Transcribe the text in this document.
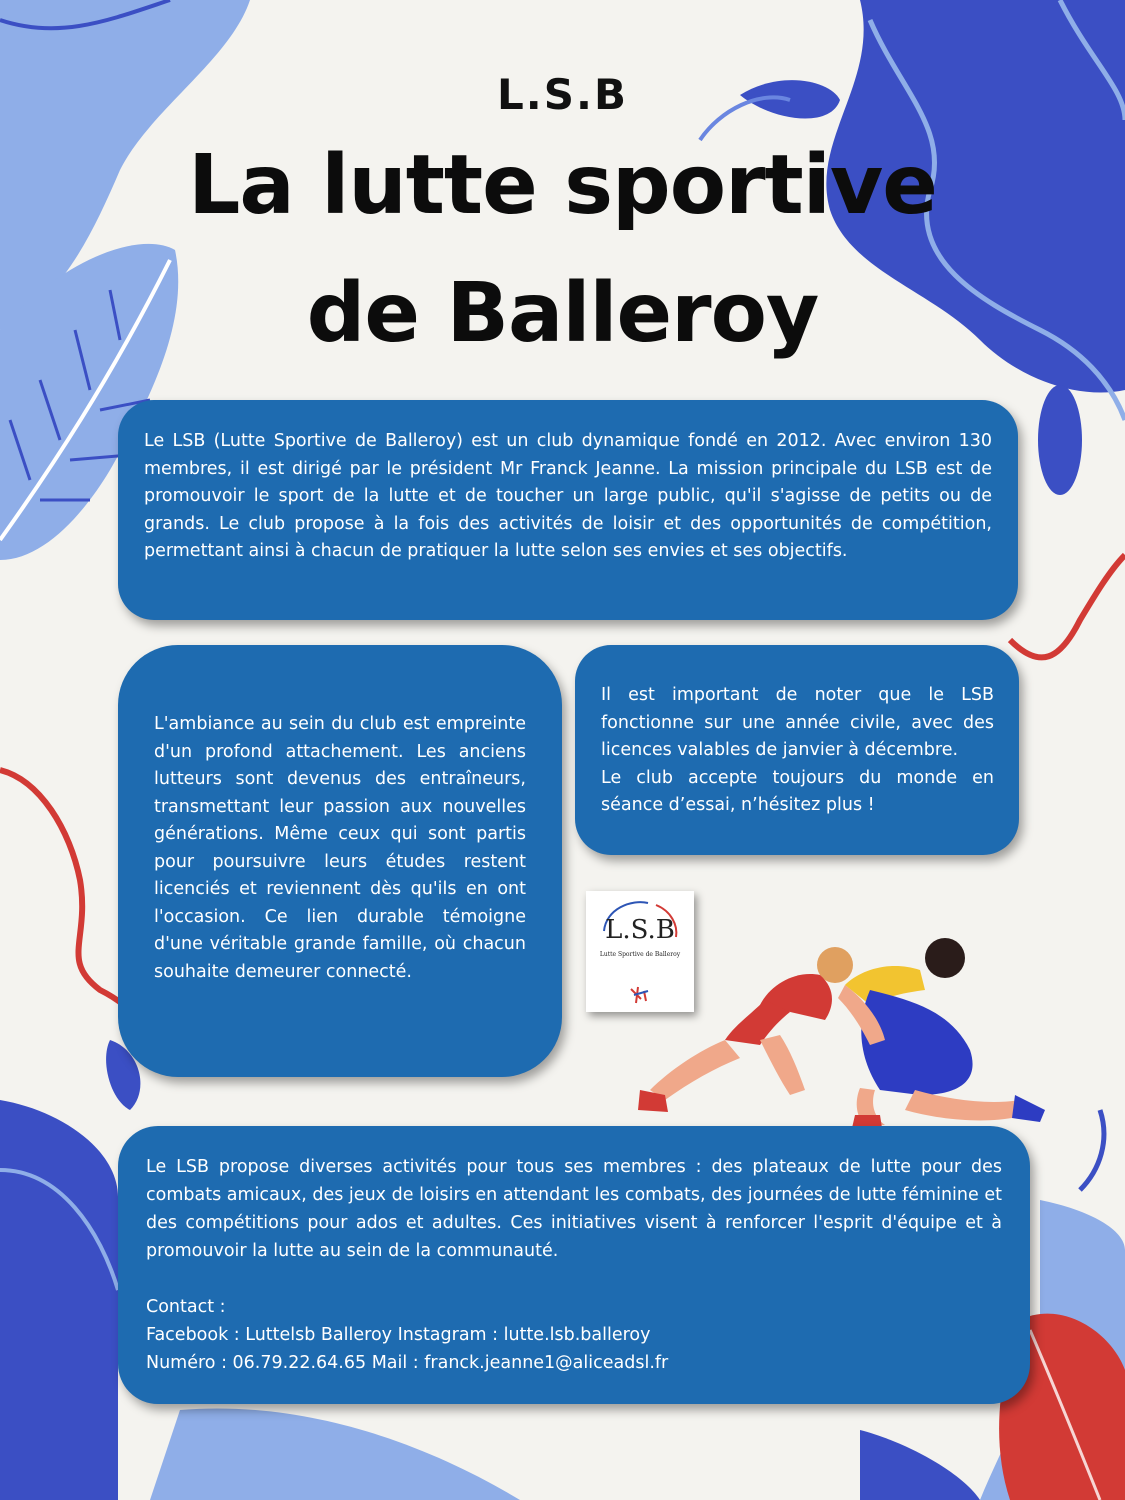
L.S.B
La lutte sportive de Balleroy

Le LSB (Lutte Sportive de Balleroy) est un club dynamique fondé en 2012. Avec environ 130 membres, il est dirigé par le président Mr Franck Jeanne. La mission principale du LSB est de promouvoir le sport de la lutte et de toucher un large public, qu'il s'agisse de petits ou de grands. Le club propose à la fois des activités de loisir et des opportunités de compétition, permettant ainsi à chacun de pratiquer la lutte selon ses envies et ses objectifs.

L'ambiance au sein du club est empreinte d'un profond attachement. Les anciens lutteurs sont devenus des entraîneurs, transmettant leur passion aux nouvelles générations. Même ceux qui sont partis pour poursuivre leurs études restent licenciés et reviennent dès qu'ils en ont l'occasion. Ce lien durable témoigne d'une véritable grande famille, où chacun souhaite demeurer connecté.

Il est important de noter que le LSB fonctionne sur une année civile, avec des licences valables de janvier à décembre.

Le club accepte toujours du monde en séance d’essai, n’hésitez plus !

L.S.B
Lutte Sportive de Balleroy

Le LSB propose diverses activités pour tous ses membres : des plateaux de lutte pour des combats amicaux, des jeux de loisirs en attendant les combats, des journées de lutte féminine et des compétitions pour ados et adultes. Ces initiatives visent à renforcer l'esprit d'équipe et à promouvoir la lutte au sein de la communauté.

Contact :
Facebook : Luttelsb Balleroy Instagram : lutte.lsb.balleroy
Numéro : 06.79.22.64.65 Mail : franck.jeanne1@aliceadsl.fr
